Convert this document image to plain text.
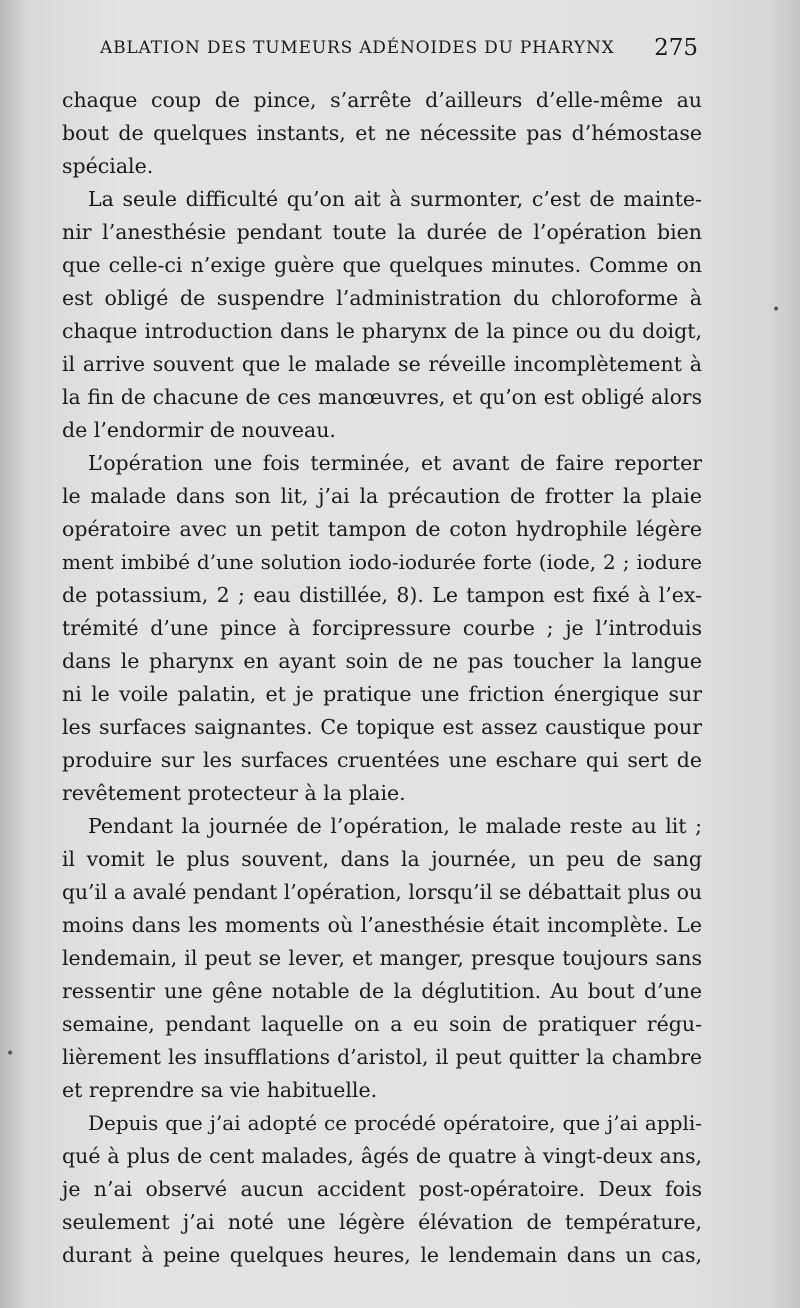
ABLATION DES TUMEURS ADÉNOIDES DU PHARYNX 275
chaque coup de pince, s’arrête d’ailleurs d’elle-même au
bout de quelques instants, et ne nécessite pas d’hémostase
spéciale.
La seule difficulté qu’on ait à surmonter, c’est de mainte-
nir l’anesthésie pendant toute la durée de l’opération bien
que celle-ci n’exige guère que quelques minutes. Comme on
est obligé de suspendre l’administration du chloroforme à
chaque introduction dans le pharynx de la pince ou du doigt,
il arrive souvent que le malade se réveille incomplètement à
la fin de chacune de ces manœuvres, et qu’on est obligé alors
de l’endormir de nouveau.
L’opération une fois terminée, et avant de faire reporter
le malade dans son lit, j’ai la précaution de frotter la plaie
opératoire avec un petit tampon de coton hydrophile légère
ment imbibé d’une solution iodo-iodurée forte (iode, 2 ; iodure
de potassium, 2 ; eau distillée, 8). Le tampon est fixé à l’ex-
trémité d’une pince à forcipressure courbe ; je l’introduis
dans le pharynx en ayant soin de ne pas toucher la langue
ni le voile palatin, et je pratique une friction énergique sur
les surfaces saignantes. Ce topique est assez caustique pour
produire sur les surfaces cruentées une eschare qui sert de
revêtement protecteur à la plaie.
Pendant la journée de l’opération, le malade reste au lit ;
il vomit le plus souvent, dans la journée, un peu de sang
qu’il a avalé pendant l’opération, lorsqu’il se débattait plus ou
moins dans les moments où l’anesthésie était incomplète. Le
lendemain, il peut se lever, et manger, presque toujours sans
ressentir une gêne notable de la déglutition. Au bout d’une
semaine, pendant laquelle on a eu soin de pratiquer régu-
lièrement les insufflations d’aristol, il peut quitter la chambre
et reprendre sa vie habituelle.
Depuis que j’ai adopté ce procédé opératoire, que j’ai appli-
qué à plus de cent malades, âgés de quatre à vingt-deux ans,
je n’ai observé aucun accident post-opératoire. Deux fois
seulement j’ai noté une légère élévation de température,
durant à peine quelques heures, le lendemain dans un cas,
•
•
